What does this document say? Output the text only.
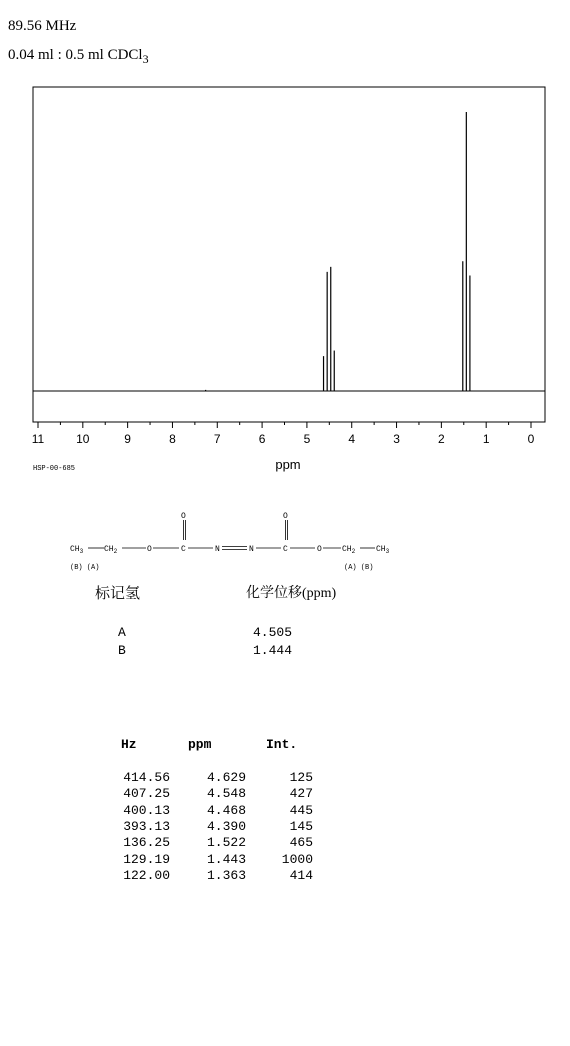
89.56 MHz
0.04 ml : 0.5 ml CDCl$_3$
11	10	9	8	7	6	5	4	3	2	1	0
ppm
HSP-00-685
O	O
$CH_3$	$CH_2$	O	C	N	N	C	O	$CH_2$	$CH_3$
(B) (A)	(A) (B)
标记氢	化学位移(ppm)
A	4.505
B	1.444
Hz	ppm	Int.
414.56	4.629	125
407.25	4.548	427
400.13	4.468	445
393.13	4.390	145
136.25	1.522	465
129.19	1.443	1000
122.00	1.363	414
